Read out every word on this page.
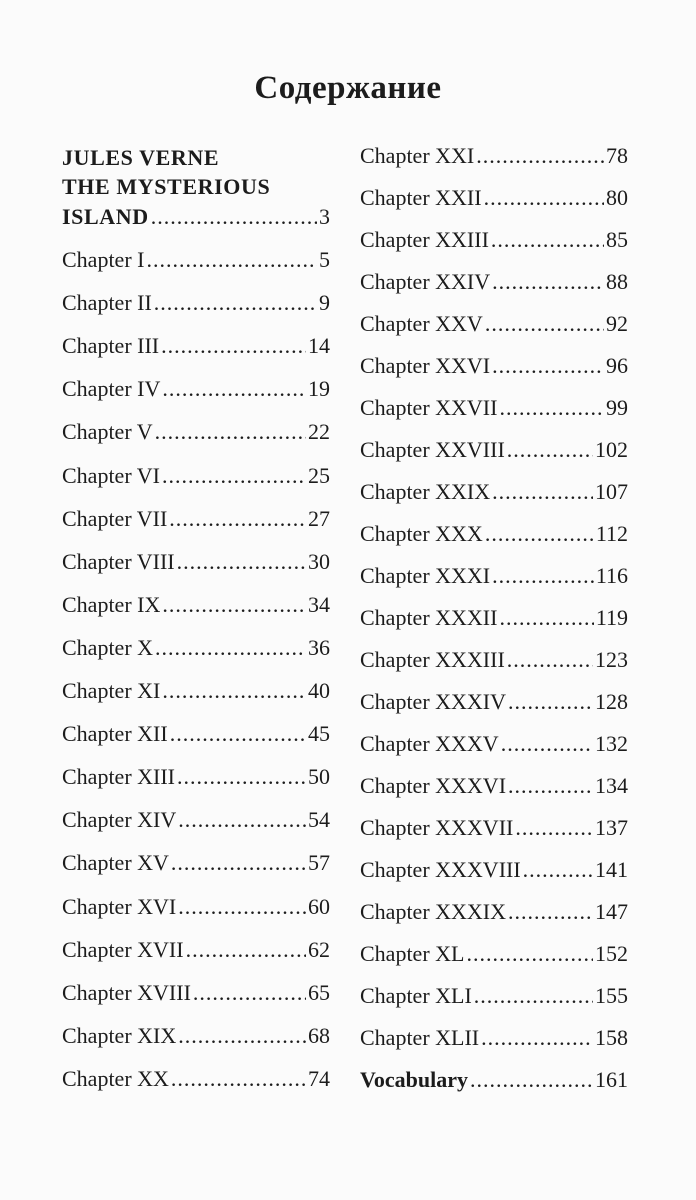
Содержание
JULES VERNE
THE MYSTERIOUS
ISLAND .....	3
Chapter I .....	5
Chapter II .....	9
Chapter III .....	14
Chapter IV .....	19
Chapter V .....	22
Chapter VI .....	25
Chapter VII .....	27
Chapter VIII .....	30
Chapter IX .....	34
Chapter X .....	36
Chapter XI .....	40
Chapter XII .....	45
Chapter XIII .....	50
Chapter XIV .....	54
Chapter XV .....	57
Chapter XVI .....	60
Chapter XVII .....	62
Chapter XVIII .....	65
Chapter XIX .....	68
Chapter XX .....	74
Chapter XXI .....	78
Chapter XXII .....	80
Chapter XXIII .....	85
Chapter XXIV .....	88
Chapter XXV .....	92
Chapter XXVI .....	96
Chapter XXVII .....	99
Chapter XXVIII .....	102
Chapter XXIX .....	107
Chapter XXX .....	112
Chapter XXXI .....	116
Chapter XXXII .....	119
Chapter XXXIII .....	123
Chapter XXXIV .....	128
Chapter XXXV .....	132
Chapter XXXVI .....	134
Chapter XXXVII .....	137
Chapter XXXVIII .....	141
Chapter XXXIX .....	147
Chapter XL .....	152
Chapter XLI .....	155
Chapter XLII .....	158
Vocabulary .....	161
